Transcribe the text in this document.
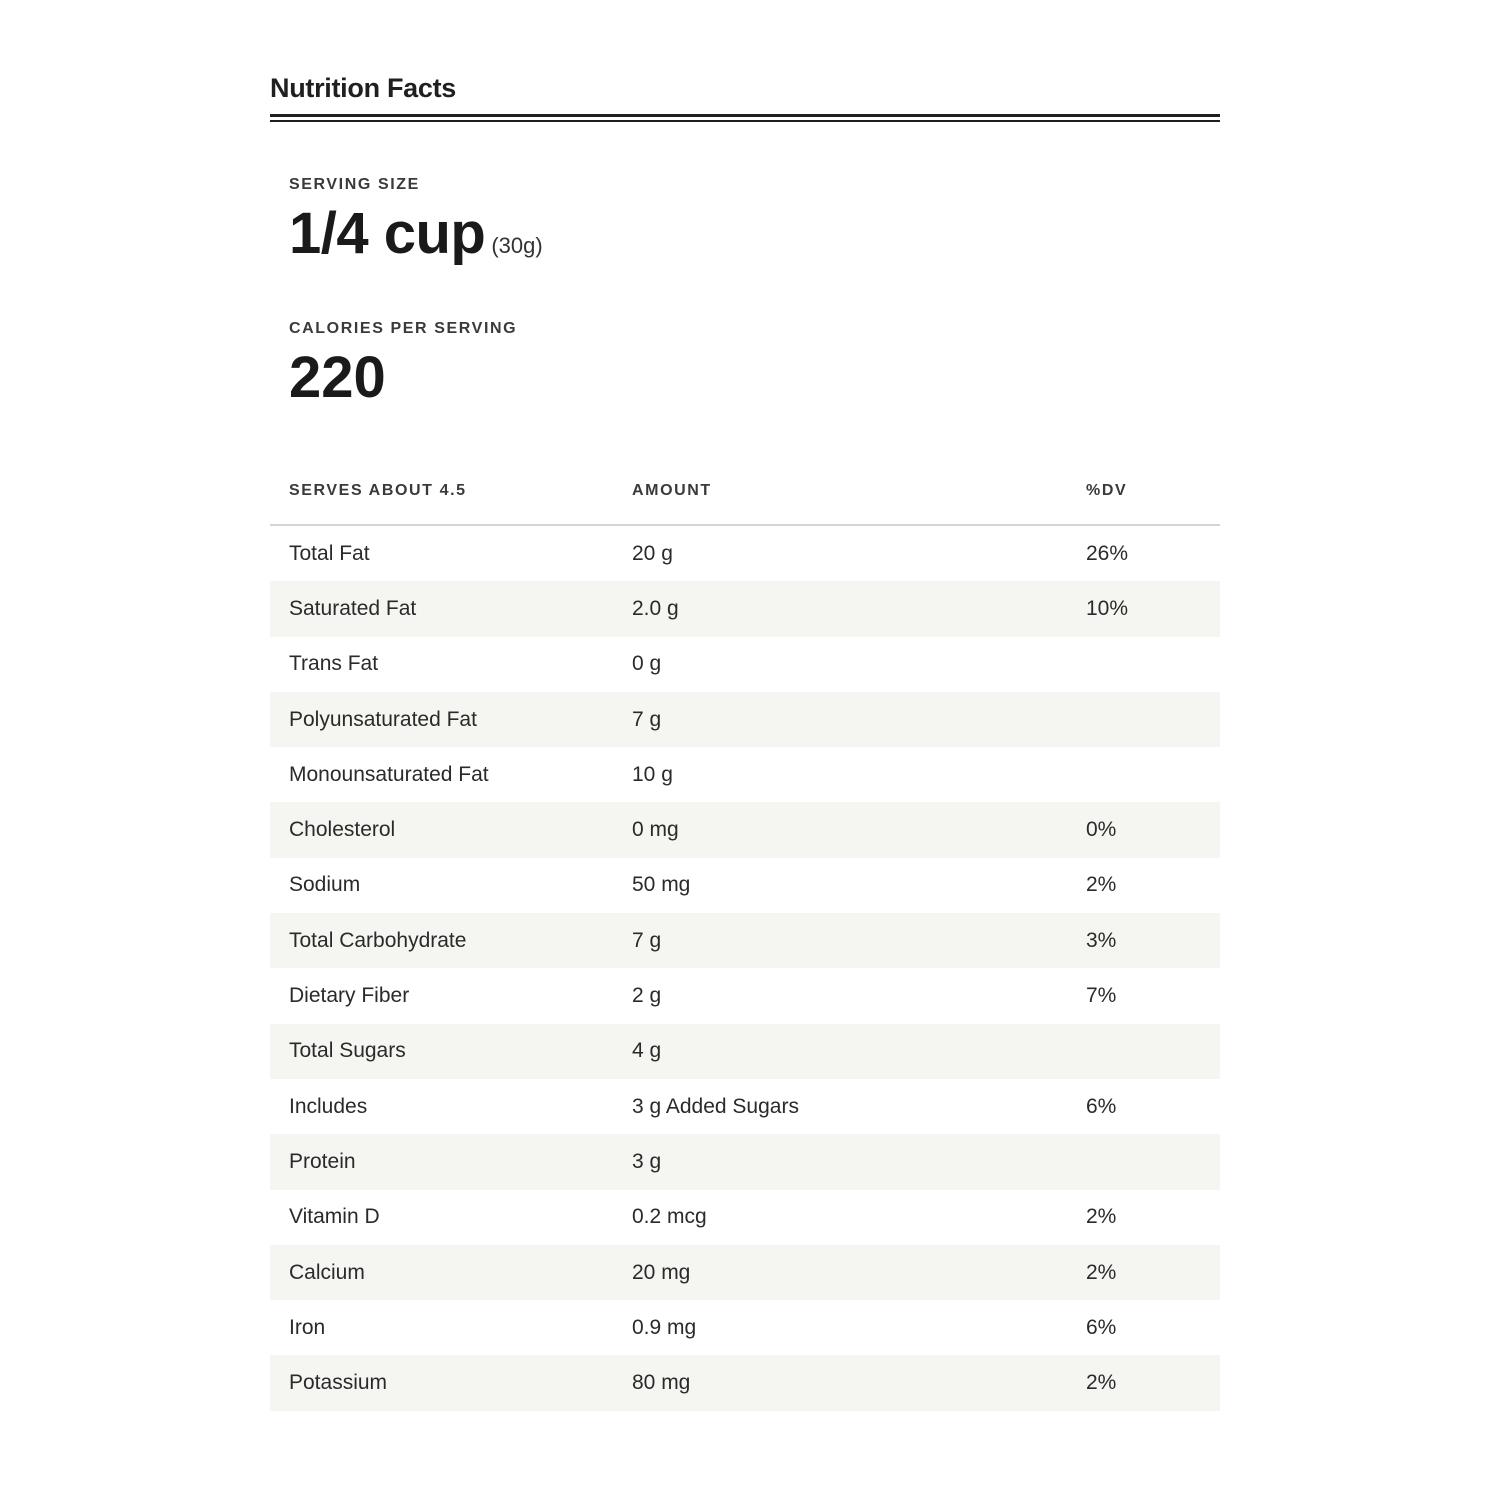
Nutrition Facts
SERVING SIZE
1/4 cup (30g)
CALORIES PER SERVING
220
SERVES ABOUT 4.5	AMOUNT	%DV
Total Fat	20 g	26%
Saturated Fat	2.0 g	10%
Trans Fat	0 g
Polyunsaturated Fat	7 g
Monounsaturated Fat	10 g
Cholesterol	0 mg	0%
Sodium	50 mg	2%
Total Carbohydrate	7 g	3%
Dietary Fiber	2 g	7%
Total Sugars	4 g
Includes	3 g Added Sugars	6%
Protein	3 g
Vitamin D	0.2 mcg	2%
Calcium	20 mg	2%
Iron	0.9 mg	6%
Potassium	80 mg	2%
